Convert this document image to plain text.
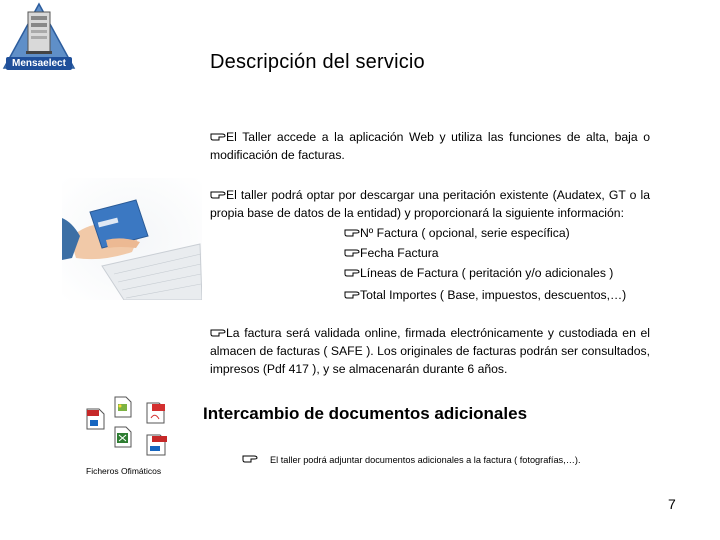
Mensaelect	Descripción del servicio
El Taller accede a la aplicación Web y utiliza las funciones de alta, baja o modificación de facturas.
El taller podrá optar por descargar una peritación existente (Audatex, GT o la propia base de datos de la entidad) y proporcionará la siguiente información:
Nº Factura ( opcional, serie específica)
Fecha Factura
Líneas de Factura ( peritación y/o adicionales )
Total Importes ( Base, impuestos, descuentos,…)
La factura será validada online, firmada electrónicamente y custodiada en el almacen de facturas ( SAFE ). Los originales de facturas podrán ser consultados, impresos (Pdf 417 ), y se almacenarán durante 6 años.
Ficheros Ofimáticos
Intercambio de documentos adicionales
El taller podrá adjuntar documentos adicionales a la factura ( fotografías,…).
7
